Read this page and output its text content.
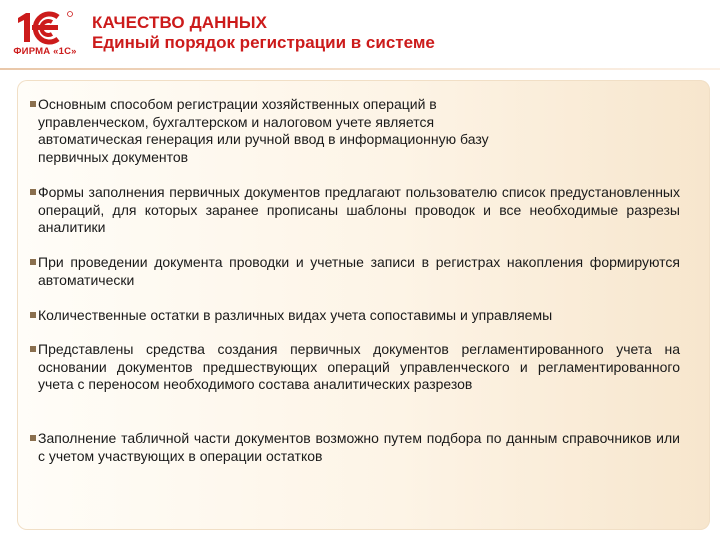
ФИРМА «1С»
КАЧЕСТВО ДАННЫХ
Единый порядок регистрации в системе
Основным способом регистрации хозяйственных операций в управленческом, бухгалтерском и налоговом учете является автоматическая генерация или ручной ввод в информационную базу первичных документов
Формы заполнения первичных документов предлагают пользователю список предустановленных операций, для которых заранее прописаны шаблоны проводок и все необходимые разрезы аналитики
При проведении документа проводки и учетные записи в регистрах накопления формируются автоматически
Количественные остатки в различных видах учета сопоставимы и управляемы
Представлены средства создания первичных документов регламентированного учета на основании документов предшествующих операций управленческого и регламентированного учета с переносом необходимого состава аналитических разрезов
Заполнение табличной части документов возможно путем подбора по данным справочников или с учетом участвующих в операции остатков
